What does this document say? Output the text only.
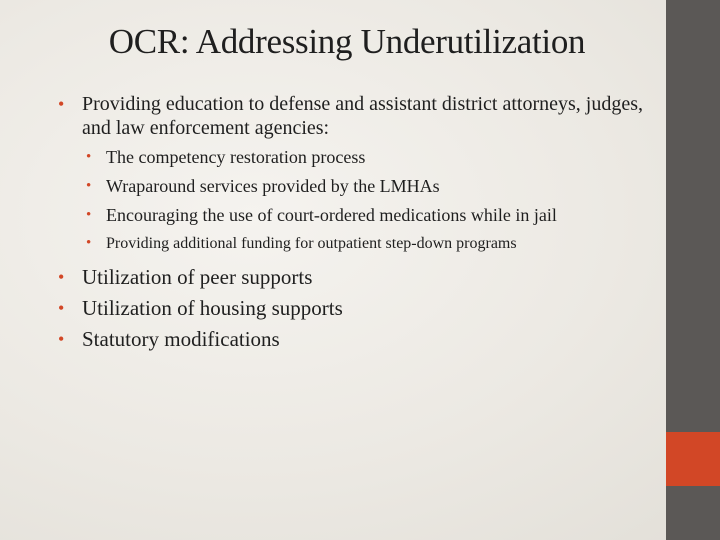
OCR: Addressing Underutilization
• Providing education to defense and assistant district attorneys, judges, and law enforcement agencies:
• The competency restoration process
• Wraparound services provided by the LMHAs
• Encouraging the use of court-ordered medications while in jail
• Providing additional funding for outpatient step-down programs
• Utilization of peer supports
• Utilization of housing supports
• Statutory modifications
